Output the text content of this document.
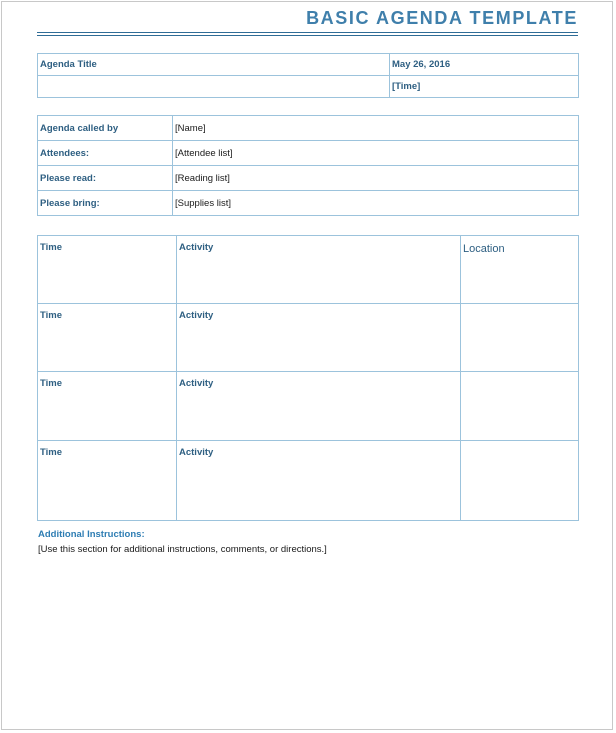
BASIC AGENDA TEMPLATE
Agenda Title	May 26, 2016
	[Time]
Agenda called by	[Name]
Attendees:	[Attendee list]
Please read:	[Reading list]
Please bring:	[Supplies list]
Time	Activity	Location
Time	Activity	
Time	Activity	
Time	Activity	
Additional Instructions:
[Use this section for additional instructions, comments, or directions.]
